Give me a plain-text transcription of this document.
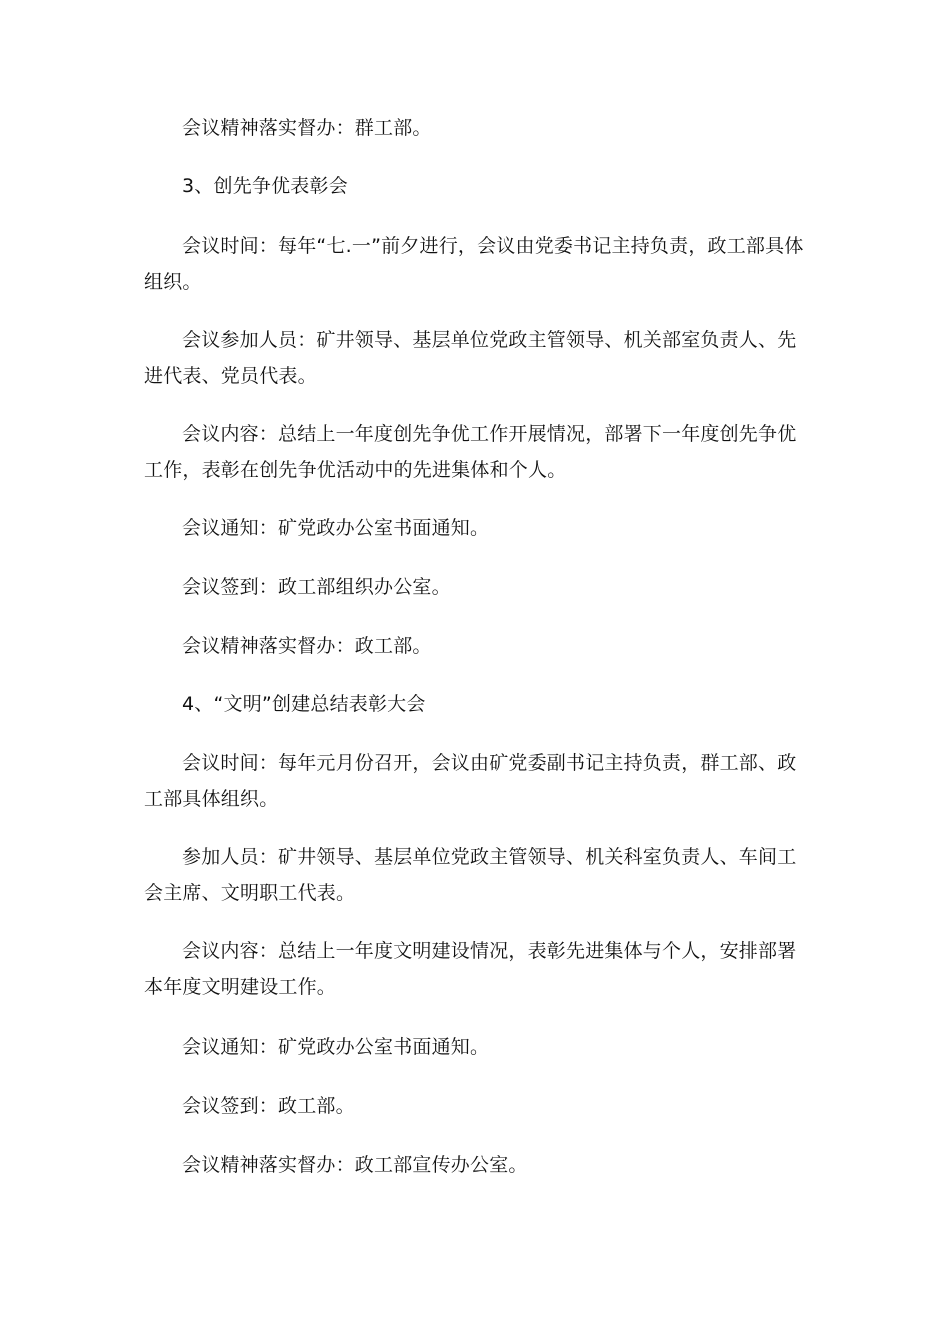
会议精神落实督办：群工部。

3、创先争优表彰会

会议时间：每年“七.一”前夕进行，会议由党委书记主持负责，政工部具体组织。

会议参加人员：矿井领导、基层单位党政主管领导、机关部室负责人、先进代表、党员代表。

会议内容：总结上一年度创先争优工作开展情况，部署下一年度创先争优工作，表彰在创先争优活动中的先进集体和个人。

会议通知：矿党政办公室书面通知。

会议签到：政工部组织办公室。

会议精神落实督办：政工部。

4、“文明”创建总结表彰大会

会议时间：每年元月份召开，会议由矿党委副书记主持负责，群工部、政工部具体组织。

参加人员：矿井领导、基层单位党政主管领导、机关科室负责人、车间工会主席、文明职工代表。

会议内容：总结上一年度文明建设情况，表彰先进集体与个人，安排部署本年度文明建设工作。

会议通知：矿党政办公室书面通知。

会议签到：政工部。

会议精神落实督办：政工部宣传办公室。
